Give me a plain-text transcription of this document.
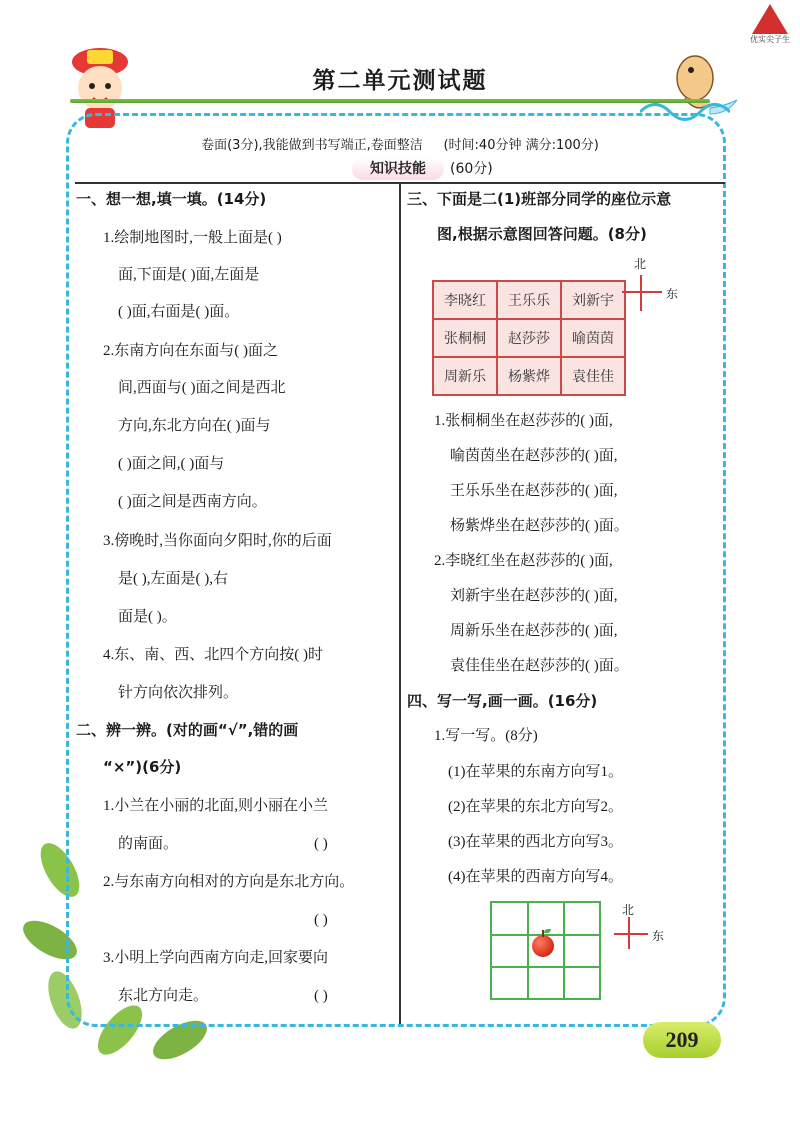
优实尖子生
第二单元测试题
卷面(3分),我能做到书写端正,卷面整洁 (时间:40分钟 满分:100分)
知识技能	(60分)
一、想一想,填一填。(14分)
1.绘制地图时,一般上面是( )
面,下面是( )面,左面是
( )面,右面是( )面。
2.东南方向在东面与( )面之
间,西面与( )面之间是西北
方向,东北方向在( )面与
( )面之间,( )面与
( )面之间是西南方向。
3.傍晚时,当你面向夕阳时,你的后面
是( ),左面是( ),右
面是( )。
4.东、南、西、北四个方向按( )时
针方向依次排列。
二、辨一辨。(对的画“√”,错的画
“×”)(6分)
1.小兰在小丽的北面,则小丽在小兰
的南面。	( )
2.与东南方向相对的方向是东北方向。
( )
3.小明上学向西南方向走,回家要向
东北方向走。	( )
三、下面是二(1)班部分同学的座位示意
图,根据示意图回答问题。(8分)
李晓红	王乐乐	刘新宇
张桐桐	赵莎莎	喻茵茵
周新乐	杨紫烨	袁佳佳
北
东
1.张桐桐坐在赵莎莎的( )面,
喻茵茵坐在赵莎莎的( )面,
王乐乐坐在赵莎莎的( )面,
杨紫烨坐在赵莎莎的( )面。
2.李晓红坐在赵莎莎的( )面,
刘新宇坐在赵莎莎的( )面,
周新乐坐在赵莎莎的( )面,
袁佳佳坐在赵莎莎的( )面。
四、写一写,画一画。(16分)
1.写一写。(8分)
(1)在苹果的东南方向写1。
(2)在苹果的东北方向写2。
(3)在苹果的西北方向写3。
(4)在苹果的西南方向写4。
北
东
209
